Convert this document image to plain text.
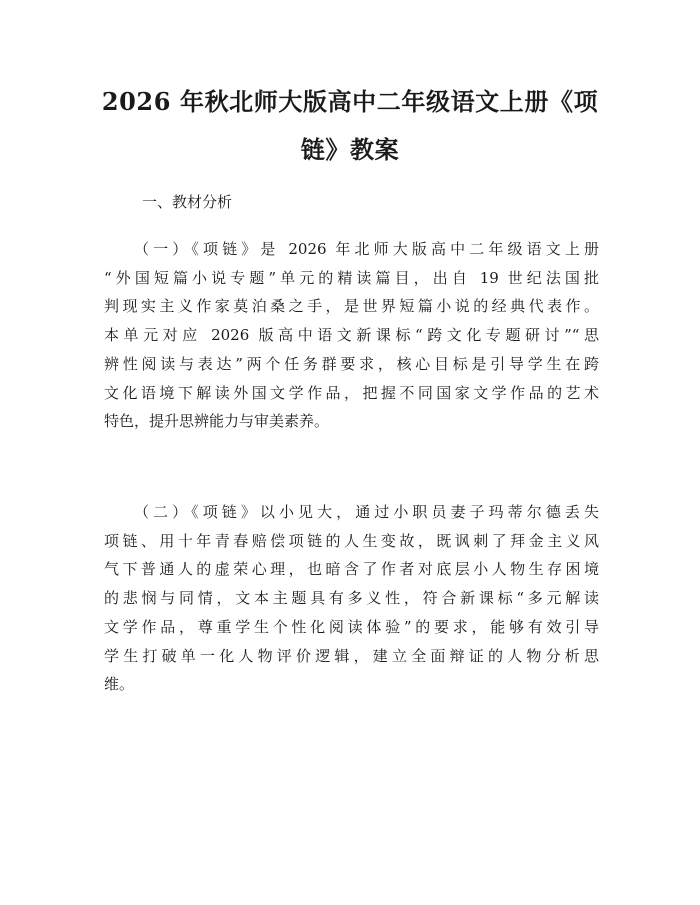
2026 年秋北师大版高中二年级语文上册《项
链》教案
一、教材分析
（一）《项链》是 2026 年北师大版高中二年级语文上册
“外国短篇小说专题”单元的精读篇目，出自 19 世纪法国批
判现实主义作家莫泊桑之手，是世界短篇小说的经典代表作。
本单元对应 2026 版高中语文新课标“跨文化专题研讨”“思
辨性阅读与表达”两个任务群要求，核心目标是引导学生在跨
文化语境下解读外国文学作品，把握不同国家文学作品的艺术
特色，提升思辨能力与审美素养。
（二）《项链》以小见大，通过小职员妻子玛蒂尔德丢失
项链、用十年青春赔偿项链的人生变故，既讽刺了拜金主义风
气下普通人的虚荣心理，也暗含了作者对底层小人物生存困境
的悲悯与同情，文本主题具有多义性，符合新课标“多元解读
文学作品，尊重学生个性化阅读体验”的要求，能够有效引导
学生打破单一化人物评价逻辑，建立全面辩证的人物分析思
维。
